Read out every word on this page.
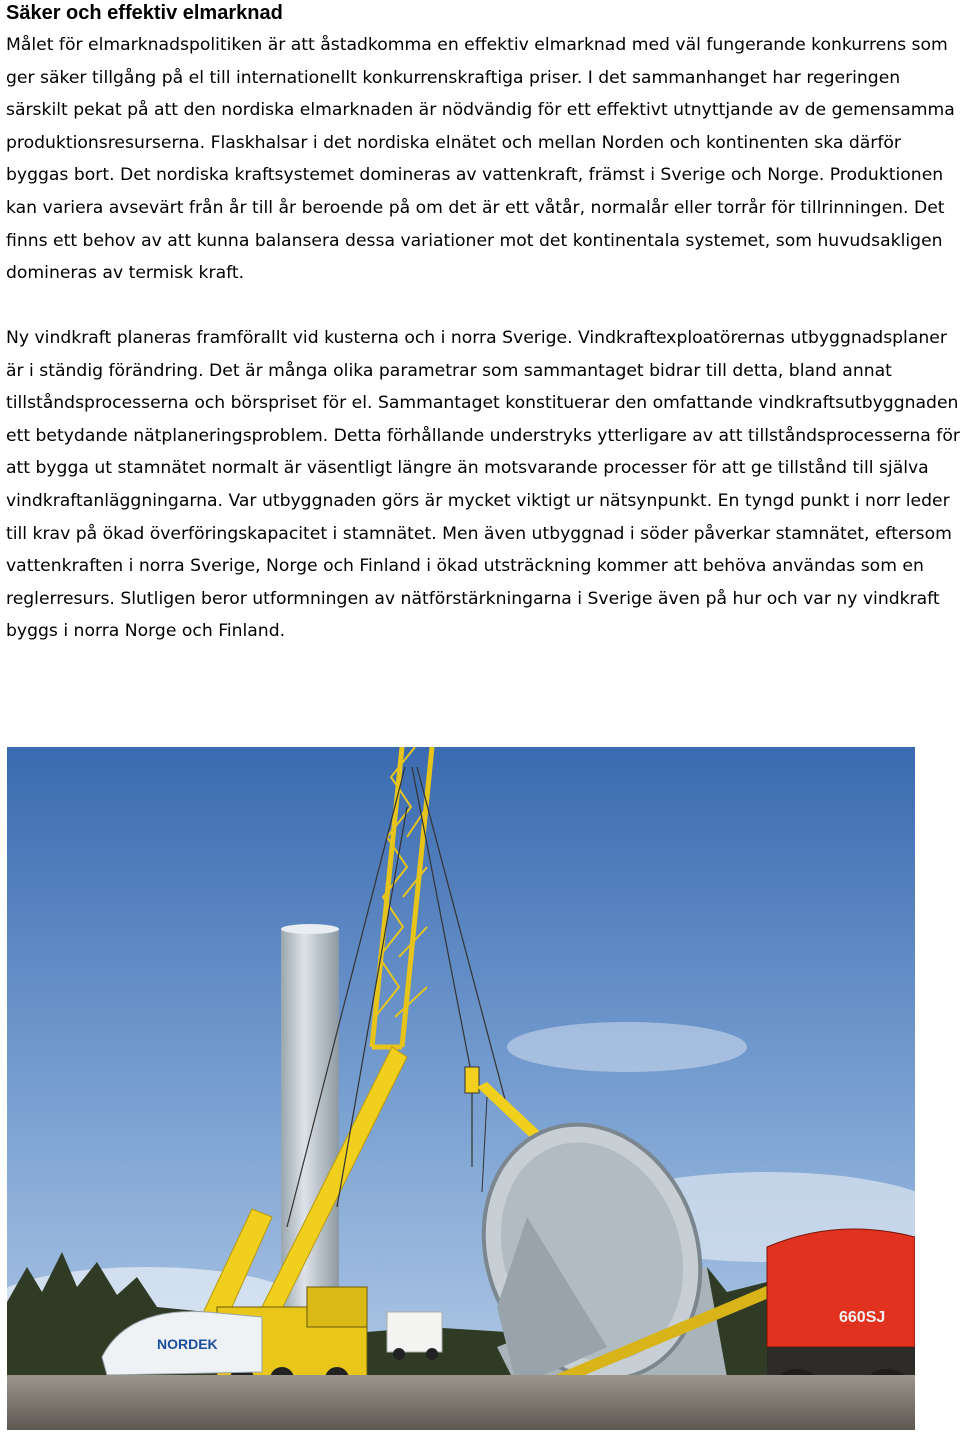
Säker och effektiv elmarknad

Målet för elmarknadspolitiken är att åstadkomma en effektiv elmarknad med väl fungerande konkurrens som ger säker tillgång på el till internationellt konkurrenskraftiga priser. I det sammanhanget har regeringen särskilt pekat på att den nordiska elmarknaden är nödvändig för ett effektivt utnyttjande av de gemensamma produktionsresurserna. Flaskhalsar i det nordiska elnätet och mellan Norden och kontinenten ska därför byggas bort. Det nordiska kraftsystemet domineras av vattenkraft, främst i Sverige och Norge. Produktionen kan variera avsevärt från år till år beroende på om det är ett våtår, normalår eller torrår för tillrinningen. Det finns ett behov av att kunna balansera dessa variationer mot det kontinentala systemet, som huvudsakligen domineras av termisk kraft.

Ny vindkraft planeras framförallt vid kusterna och i norra Sverige. Vindkraftexploatörernas utbyggnadsplaner är i ständig förändring. Det är många olika parametrar som sammantaget bidrar till detta, bland annat tillståndsprocesserna och börspriset för el. Sammantaget konstituerar den omfattande vindkraftsutbyggnaden ett betydande nätplaneringsproblem. Detta förhållande understryks ytterligare av att tillståndsprocesserna för att bygga ut stamnätet normalt är väsentligt längre än motsvarande processer för att ge tillstånd till själva vindkraftanläggningarna. Var utbyggnaden görs är mycket viktigt ur nätsynpunkt. En tyngd punkt i norr leder till krav på ökad överföringskapacitet i stamnätet. Men även utbyggnad i söder påverkar stamnätet, eftersom vattenkraften i norra Sverige, Norge och Finland i ökad utsträckning kommer att behöva användas som en reglerresurs. Slutligen beror utformningen av nätförstärkningarna i Sverige även på hur och var ny vindkraft byggs i norra Norge och Finland.

NORDEK
660SJ
